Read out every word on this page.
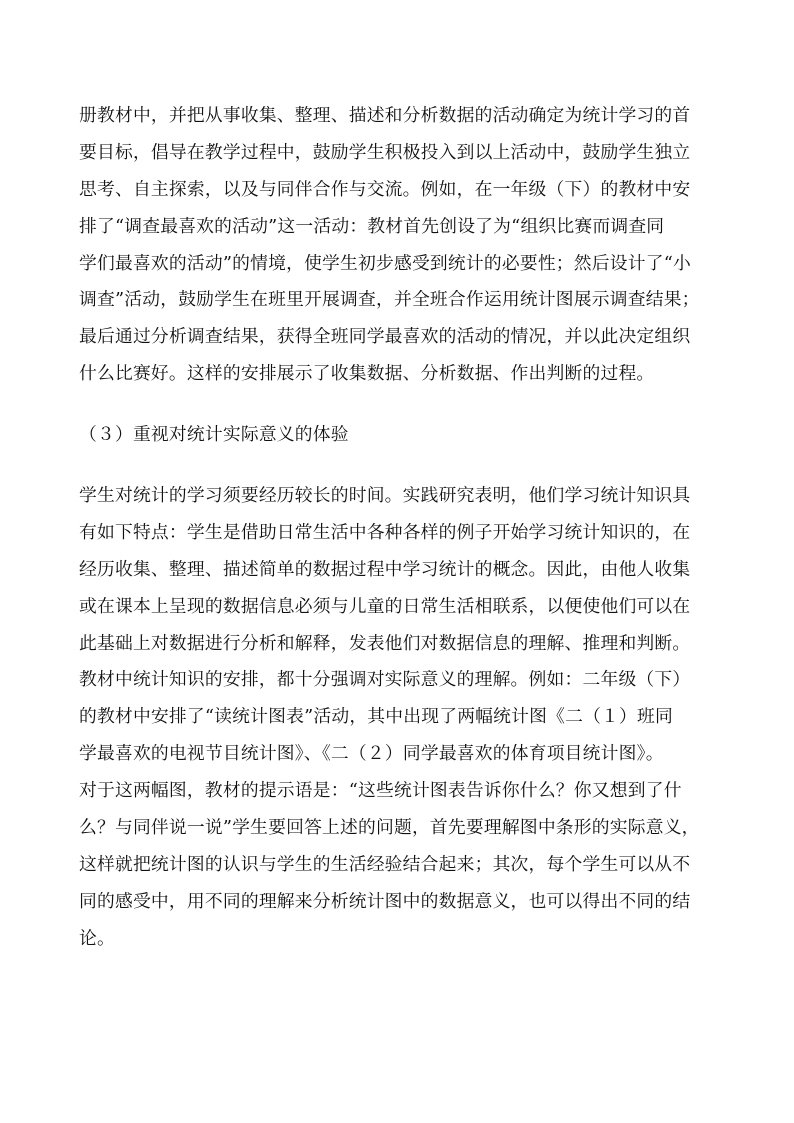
册教材中，并把从事收集、整理、描述和分析数据的活动确定为统计学习的首
要目标，倡导在教学过程中，鼓励学生积极投入到以上活动中，鼓励学生独立
思考、自主探索，以及与同伴合作与交流。例如，在一年级（下）的教材中安
排了“调查最喜欢的活动”这一活动：教材首先创设了为“组织比赛而调查同
学们最喜欢的活动”的情境，使学生初步感受到统计的必要性；然后设计了“小
调查”活动，鼓励学生在班里开展调查，并全班合作运用统计图展示调查结果；
最后通过分析调查结果，获得全班同学最喜欢的活动的情况，并以此决定组织
什么比赛好。这样的安排展示了收集数据、分析数据、作出判断的过程。
（３）重视对统计实际意义的体验
学生对统计的学习须要经历较长的时间。实践研究表明，他们学习统计知识具
有如下特点：学生是借助日常生活中各种各样的例子开始学习统计知识的，在
经历收集、整理、描述简单的数据过程中学习统计的概念。因此，由他人收集
或在课本上呈现的数据信息必须与儿童的日常生活相联系，以便使他们可以在
此基础上对数据进行分析和解释，发表他们对数据信息的理解、推理和判断。
教材中统计知识的安排，都十分强调对实际意义的理解。例如：二年级（下）
的教材中安排了“读统计图表”活动，其中出现了两幅统计图《二（１）班同
学最喜欢的电视节目统计图》、《二（２）同学最喜欢的体育项目统计图》。
对于这两幅图，教材的提示语是：“这些统计图表告诉你什么？你又想到了什
么？与同伴说一说”学生要回答上述的问题，首先要理解图中条形的实际意义，
这样就把统计图的认识与学生的生活经验结合起来；其次，每个学生可以从不
同的感受中，用不同的理解来分析统计图中的数据意义，也可以得出不同的结
论。
